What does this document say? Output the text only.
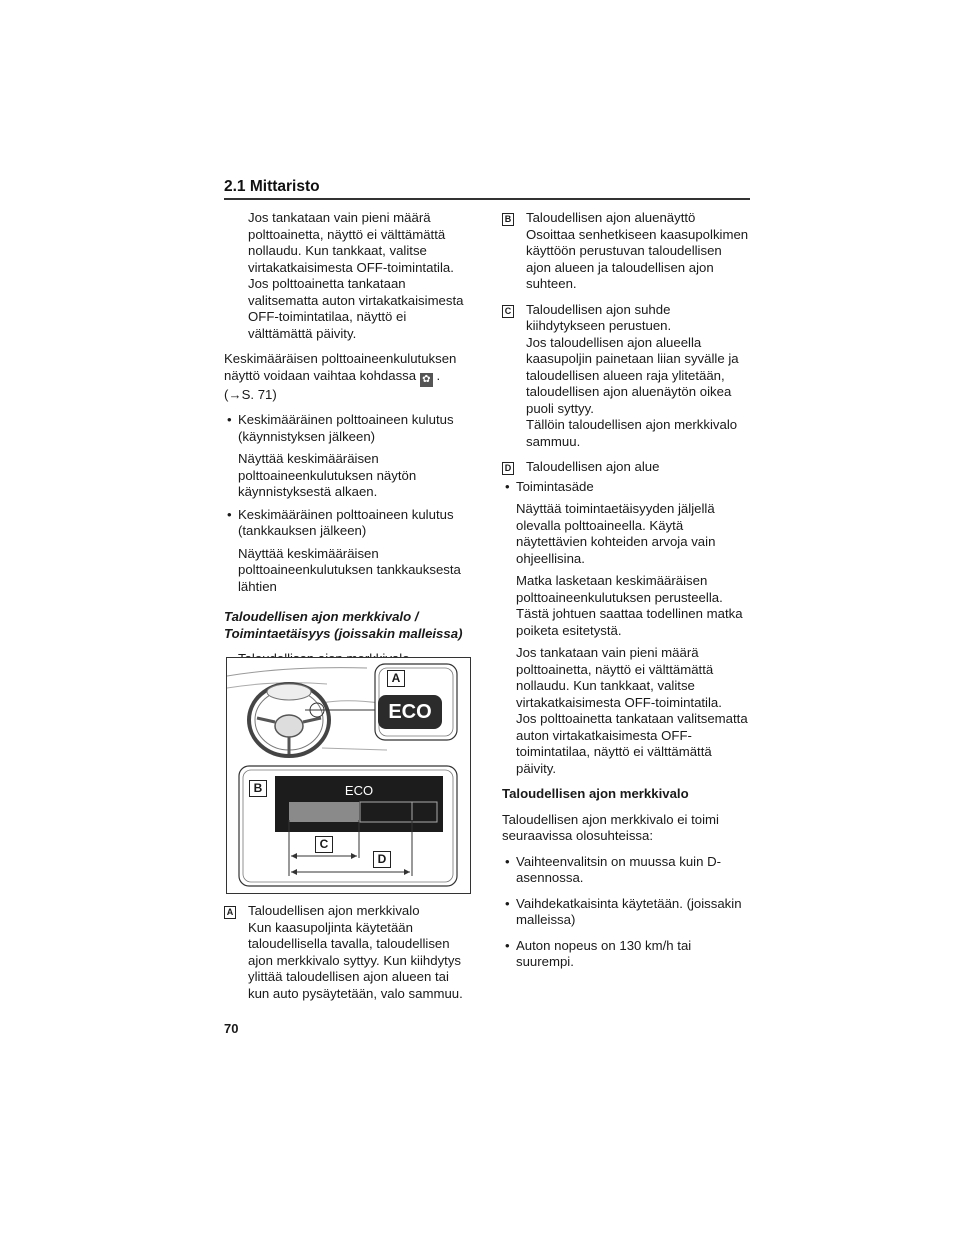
2.1 Mittaristo

Jos tankataan vain pieni määrä polttoainetta, näyttö ei välttämättä nollaudu. Kun tankkaat, valitse virtakatkaisimesta OFF-toimintatila.

Jos polttoainetta tankataan valitsematta auton virtakatkaisimesta OFF-toimintatilaa, näyttö ei välttämättä päivity.

Keskimääräisen polttoaineenkulutuksen näyttö voidaan vaihtaa kohdassa ✿ .
(→S. 71)

• Keskimääräinen polttoaineen kulutus (käynnistyksen jälkeen)

Näyttää keskimääräisen polttoaineenkulutuksen näytön käynnistyksestä alkaen.

• Keskimääräinen polttoaineen kulutus (tankkauksen jälkeen)

Näyttää keskimääräisen polttoaineenkulutuksen tankkauksesta lähtien

Taloudellisen ajon merkkivalo / Toimintaetäisyys (joissakin malleissa)

•
A
ECO
B	ECO
C
D
A Taloudellisen ajon merkkivalo

Kun kaasupoljinta käytetään taloudellisella tavalla, taloudellisen ajon merkkivalo syttyy. Kun kiihdytys ylittää taloudellisen ajon alueen tai kun auto pysäytetään, valo sammuu.

B Taloudellisen ajon aluenäyttö

Osoittaa senhetkiseen kaasupolkimen käyttöön perustuvan taloudellisen ajon alueen ja taloudellisen ajon suhteen.

C Taloudellisen ajon suhde kiihdytykseen perustuen.

Jos taloudellisen ajon alueella kaasupoljin painetaan liian syvälle ja taloudellisen alueen raja ylitetään, taloudellisen ajon aluenäytön oikea puoli syttyy.

Tällöin taloudellisen ajon merkkivalo sammuu.

D Taloudellisen ajon alue

• Toimintasäde

Näyttää toimintaetäisyyden jäljellä olevalla polttoaineella. Käytä näytettävien kohteiden arvoja vain ohjeellisina.

Matka lasketaan keskimääräisen polttoaineenkulutuksen perusteella. Tästä johtuen saattaa todellinen matka poiketa esitetystä.

Jos tankataan vain pieni määrä polttoainetta, näyttö ei välttämättä nollaudu. Kun tankkaat, valitse virtakatkaisimesta OFF-toimintatila.

Jos polttoainetta tankataan valitsematta auton virtakatkaisimesta OFF-toimintatilaa, näyttö ei välttämättä päivity.

Taloudellisen ajon merkkivalo

Taloudellisen ajon merkkivalo ei toimi seuraavissa olosuhteissa:

• Vaihteenvalitsin on muussa kuin D-asennossa.
• Vaihdekatkaisinta käytetään. (joissakin malleissa)
• Auton nopeus on 130 km/h tai suurempi.
70
